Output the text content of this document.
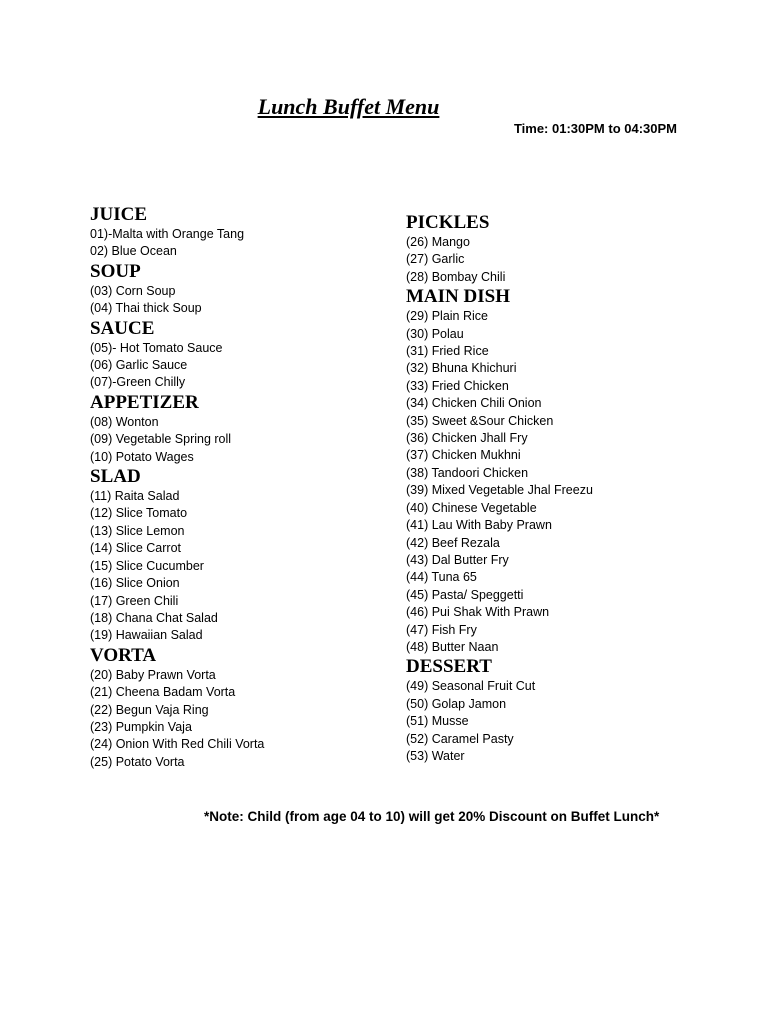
Lunch Buffet Menu
Time: 01:30PM to 04:30PM
JUICE
01)-Malta with Orange Tang
02) Blue Ocean
SOUP
(03) Corn Soup
(04) Thai thick Soup
SAUCE
(05)- Hot Tomato Sauce
(06) Garlic Sauce
(07)-Green Chilly
APPETIZER
(08) Wonton
(09) Vegetable Spring roll
(10) Potato Wages
SLAD
(11) Raita Salad
(12) Slice Tomato
(13) Slice Lemon
(14) Slice Carrot
(15) Slice Cucumber
(16) Slice Onion
(17) Green Chili
(18) Chana Chat Salad
(19) Hawaiian Salad
VORTA
(20) Baby Prawn Vorta
(21) Cheena Badam Vorta
(22) Begun Vaja Ring
(23) Pumpkin Vaja
(24) Onion With Red Chili Vorta
(25) Potato Vorta
PICKLES
(26) Mango
(27) Garlic
(28) Bombay Chili
MAIN DISH
(29) Plain Rice
(30) Polau
(31) Fried Rice
(32) Bhuna Khichuri
(33) Fried Chicken
(34) Chicken Chili Onion
(35) Sweet &Sour Chicken
(36) Chicken Jhall Fry
(37) Chicken Mukhni
(38) Tandoori Chicken
(39) Mixed Vegetable Jhal Freezu
(40) Chinese Vegetable
(41) Lau With Baby Prawn
(42) Beef Rezala
(43) Dal Butter Fry
(44) Tuna 65
(45) Pasta/ Speggetti
(46) Pui Shak With Prawn
(47) Fish Fry
(48) Butter Naan
DESSERT
(49) Seasonal Fruit Cut
(50) Golap Jamon
(51) Musse
(52) Caramel Pasty
(53) Water
*Note: Child (from age 04 to 10) will get 20% Discount on Buffet Lunch*
